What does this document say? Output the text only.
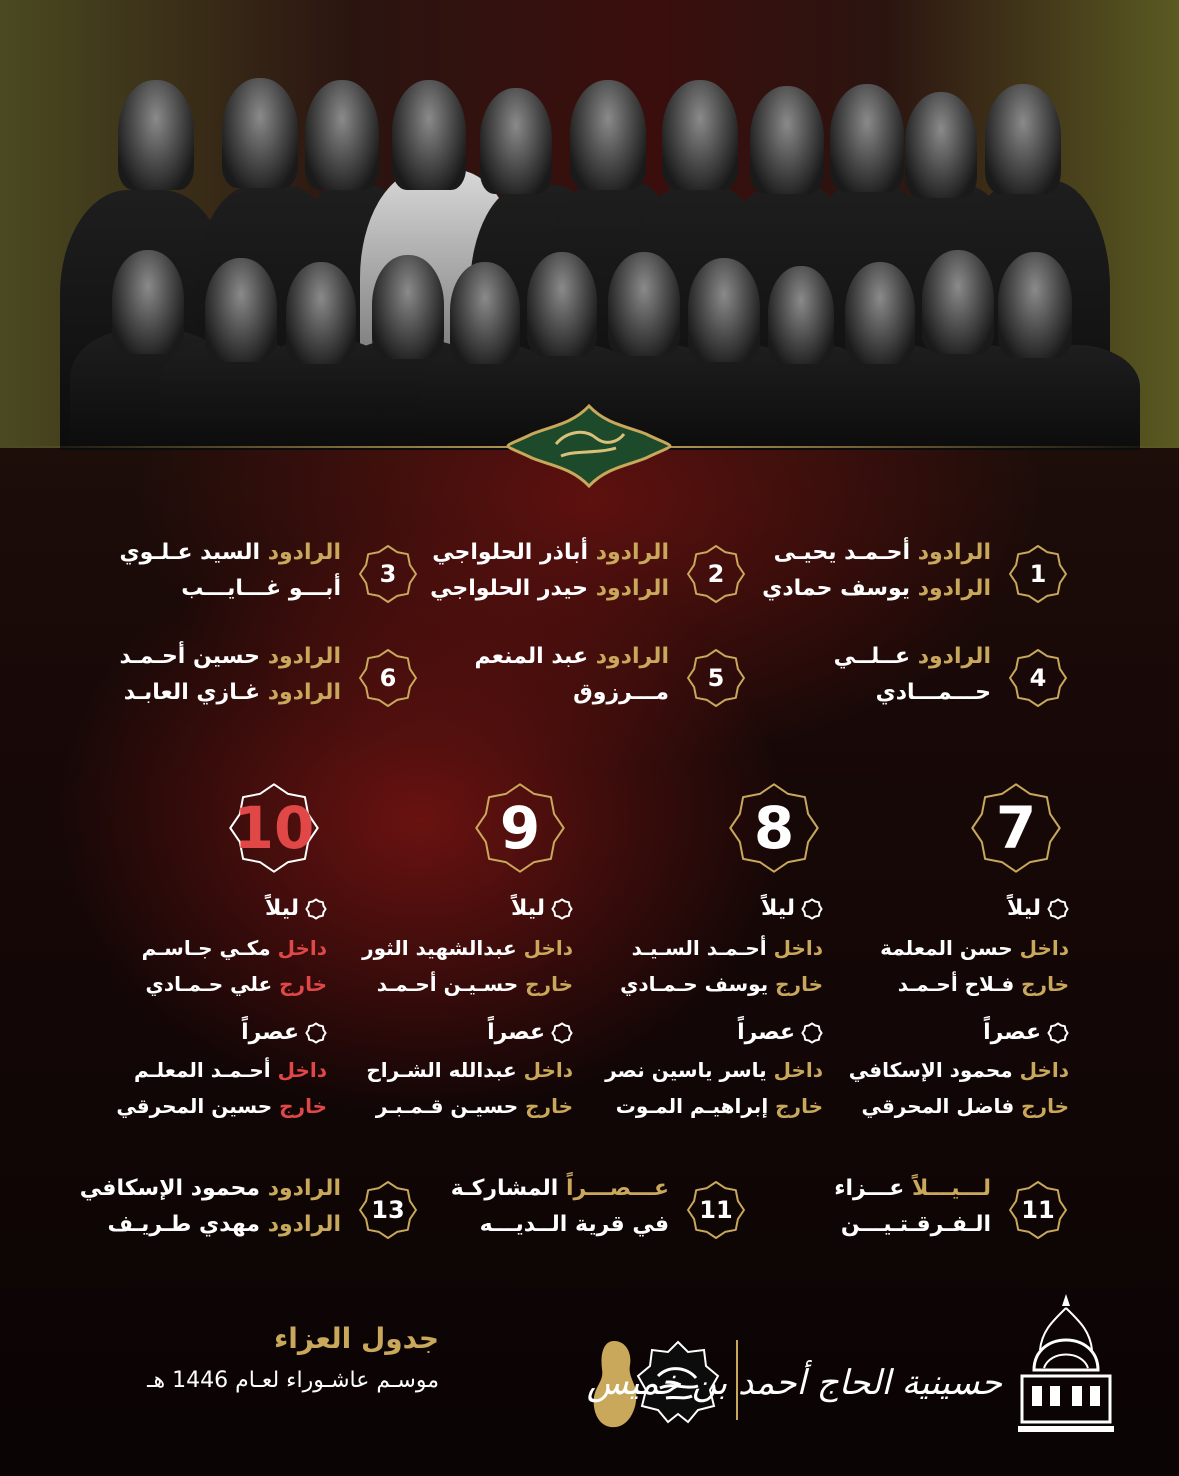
1
الرادود أحـمـد يحيـى
الرادود يوسف حمادي
2
الرادود أباذر الحلواجي
الرادود حيدر الحلواجي
3
الرادود السيد عـلـوي
أبـــو غـــايـــب
4
الرادود عــلــي
حـــمـــادي
5
الرادود عبد المنعم
مـــرزوق
6
الرادود حسين أحـمـد
الرادود غـازي العابـد
7
ليلاً
داخل حسن المعلمة
خارج فـلاح أحـمـد
عصراً
داخل محمود الإسكافي
خارج فاضل المحرقي
8
ليلاً
داخل أحـمـد السـيـد
خارج يوسف حـمـادي
عصراً
داخل ياسر ياسين نصر
خارج إبراهيـم المـوت
9
ليلاً
داخل عبدالشهيد الثور
خارج حسـيـن أحـمـد
عصراً
داخل عبدالله الشـراح
خارج حسيـن قـمـبـر
10
ليلاً
داخل مكـي جـاسـم
خارج علي حـمـادي
عصراً
داخل أحـمـد المعلـم
خارج حسين المحرقي
11
لـــيـــلاً عـــزاء
الـفـرقـتـيـــن
11
عـــصـــراً المشاركـة
في قرية الــديـــه
13
الرادود محمود الإسكافي
الرادود مهدي طـريـف
جدول العزاء
موسـم عاشـوراء لعـام 1446 هـ	حسينية الحاج أحمد بن خميس
